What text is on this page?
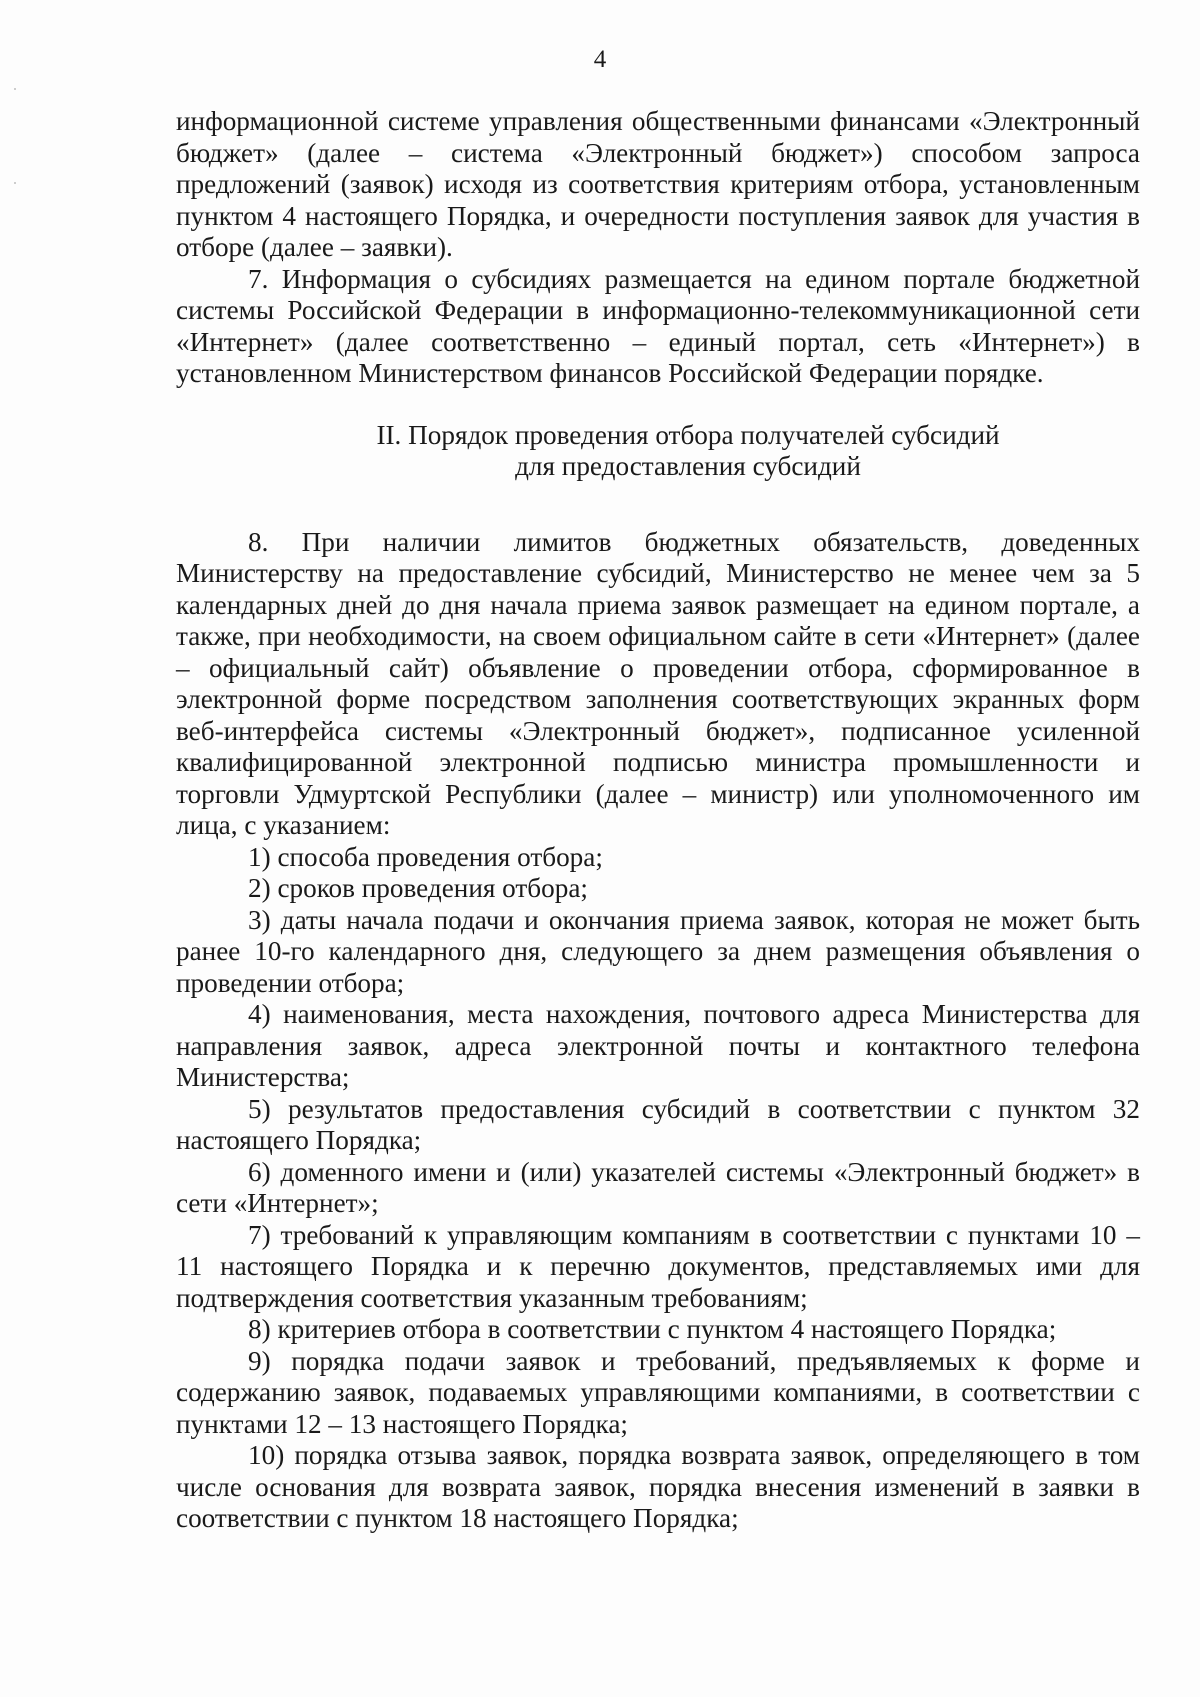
4

информационной системе управления общественными финансами «Электронный бюджет» (далее – система «Электронный бюджет») способом запроса предложений (заявок) исходя из соответствия критериям отбора, установленным пунктом 4 настоящего Порядка, и очередности поступления заявок для участия в отборе (далее – заявки).

7. Информация о субсидиях размещается на едином портале бюджетной системы Российской Федерации в информационно-телекоммуникационной сети «Интернет» (далее соответственно – единый портал, сеть «Интернет») в установленном Министерством финансов Российской Федерации порядке.

II. Порядок проведения отбора получателей субсидий
для предоставления субсидий

8. При наличии лимитов бюджетных обязательств, доведенных Министерству на предоставление субсидий, Министерство не менее чем за 5 календарных дней до дня начала приема заявок размещает на едином портале, а также, при необходимости, на своем официальном сайте в сети «Интернет» (далее – официальный сайт) объявление о проведении отбора, сформированное в электронной форме посредством заполнения соответствующих экранных форм веб-интерфейса системы «Электронный бюджет», подписанное усиленной квалифицированной электронной подписью министра промышленности и торговли Удмуртской Республики (далее – министр) или уполномоченного им лица, с указанием:

1) способа проведения отбора;

2) сроков проведения отбора;

3) даты начала подачи и окончания приема заявок, которая не может быть ранее 10-го календарного дня, следующего за днем размещения объявления о проведении отбора;

4) наименования, места нахождения, почтового адреса Министерства для направления заявок, адреса электронной почты и контактного телефона Министерства;

5) результатов предоставления субсидий в соответствии с пунктом 32 настоящего Порядка;

6) доменного имени и (или) указателей системы «Электронный бюджет» в сети «Интернет»;

7) требований к управляющим компаниям в соответствии с пунктами 10 – 11 настоящего Порядка и к перечню документов, представляемых ими для подтверждения соответствия указанным требованиям;

8) критериев отбора в соответствии с пунктом 4 настоящего Порядка;

9) порядка подачи заявок и требований, предъявляемых к форме и содержанию заявок, подаваемых управляющими компаниями, в соответствии с пунктами 12 – 13 настоящего Порядка;

10) порядка отзыва заявок, порядка возврата заявок, определяющего в том числе основания для возврата заявок, порядка внесения изменений в заявки в соответствии с пунктом 18 настоящего Порядка;
